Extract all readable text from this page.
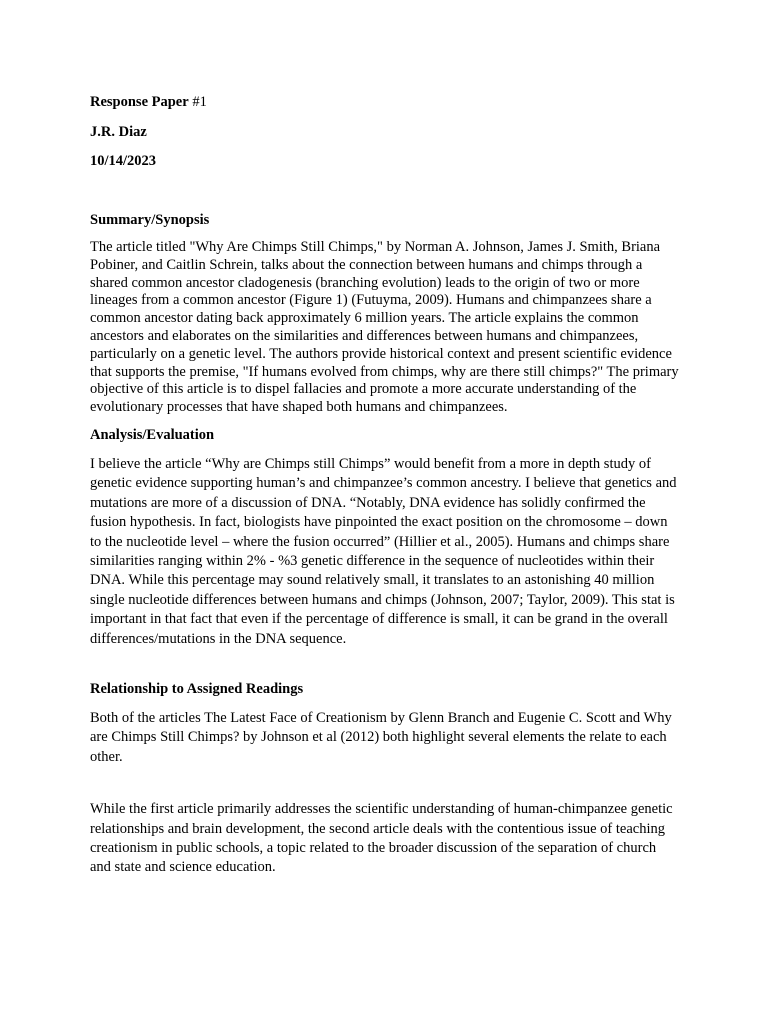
Response Paper #1

J.R. Diaz

10/14/2023

Summary/Synopsis

The article titled "Why Are Chimps Still Chimps," by Norman A. Johnson, James J. Smith, Briana Pobiner, and Caitlin Schrein, talks about the connection between humans and chimps through a shared common ancestor cladogenesis (branching evolution) leads to the origin of two or more lineages from a common ancestor (Figure 1) (Futuyma, 2009). Humans and chimpanzees share a common ancestor dating back approximately 6 million years. The article explains the common ancestors and elaborates on the similarities and differences between humans and chimpanzees, particularly on a genetic level. The authors provide historical context and present scientific evidence that supports the premise, "If humans evolved from chimps, why are there still chimps?" The primary objective of this article is to dispel fallacies and promote a more accurate understanding of the evolutionary processes that have shaped both humans and chimpanzees.

Analysis/Evaluation

I believe the article “Why are Chimps still Chimps” would benefit from a more in depth study of genetic evidence supporting human’s and chimpanzee’s common ancestry. I believe that genetics and mutations are more of a discussion of DNA. “Notably, DNA evidence has solidly confirmed the fusion hypothesis. In fact, biologists have pinpointed the exact position on the chromosome – down to the nucleotide level – where the fusion occurred” (Hillier et al., 2005). Humans and chimps share similarities ranging within 2% - %3 genetic difference in the sequence of nucleotides within their DNA. While this percentage may sound relatively small, it translates to an astonishing 40 million single nucleotide differences between humans and chimps (Johnson, 2007; Taylor, 2009). This stat is important in that fact that even if the percentage of difference is small, it can be grand in the overall differences/mutations in the DNA sequence.

Relationship to Assigned Readings

Both of the articles The Latest Face of Creationism by Glenn Branch and Eugenie C. Scott and Why are Chimps Still Chimps? by Johnson et al (2012) both highlight several elements the relate to each other.

While the first article primarily addresses the scientific understanding of human-chimpanzee genetic relationships and brain development, the second article deals with the contentious issue of teaching creationism in public schools, a topic related to the broader discussion of the separation of church and state and science education.
